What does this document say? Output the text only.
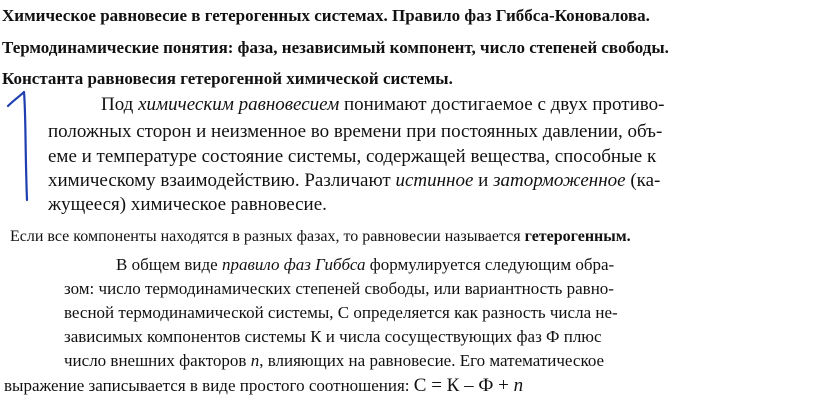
Химическое равновесие в гетерогенных системах. Правило фаз Гиббса-Коновалова.
Термодинамические понятия: фаза, независимый компонент, число степеней свободы.
Константа равновесия гетерогенной химической системы.
Под химическим равновесием понимают достигаемое с двух противо-
положных сторон и неизменное во времени при постоянных давлении, объ-
еме и температуре состояние системы, содержащей вещества, способные к
химическому взаимодействию. Различают истинное и заторможенное (ка-
жущееся) химическое равновесие.
Если все компоненты находятся в разных фазах, то равновесии называется гетерогенным.
В общем виде правило фаз Гиббса формулируется следующим обра-
зом: число термодинамических степеней свободы, или вариантность равно-
весной термодинамической системы, С определяется как разность числа не-
зависимых компонентов системы К и числа сосуществующих фаз Ф плюс
число внешних факторов n, влияющих на равновесие. Его математическое
выражение записывается в виде простого соотношения: С = К – Ф + n
